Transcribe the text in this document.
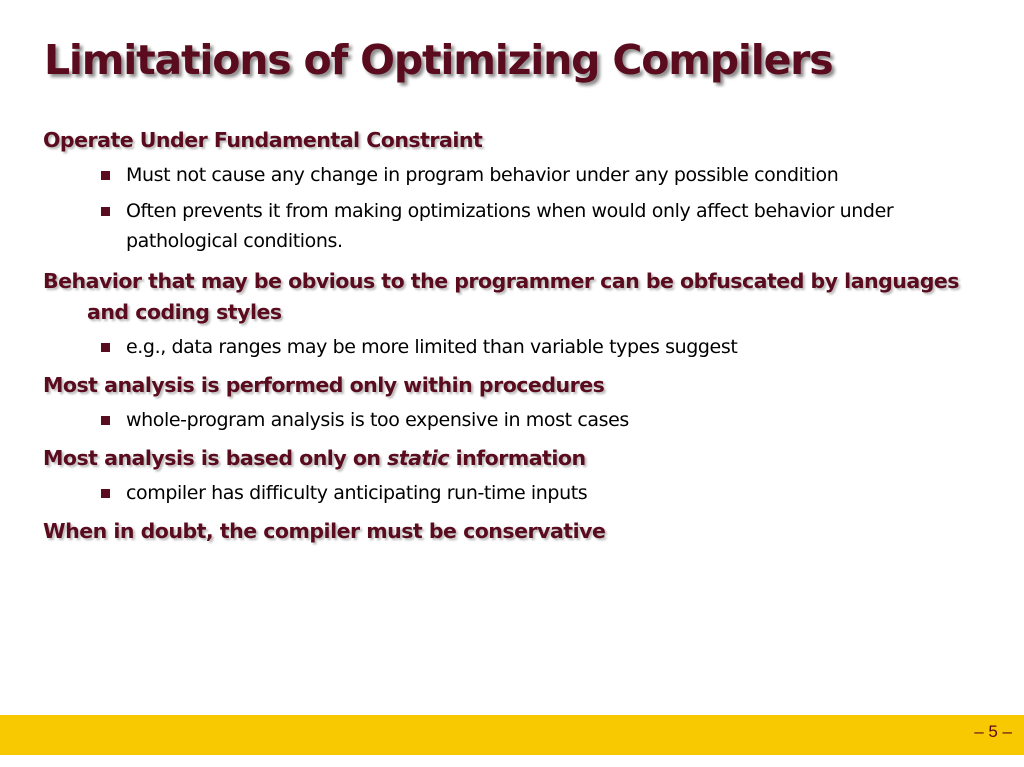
Limitations of Optimizing Compilers
Operate Under Fundamental Constraint
Must not cause any change in program behavior under any possible condition
Often prevents it from making optimizations when would only affect behavior under pathological conditions.
Behavior that may be obvious to the programmer can be obfuscated by languages and coding styles
e.g., data ranges may be more limited than variable types suggest
Most analysis is performed only within procedures
whole-program analysis is too expensive in most cases
Most analysis is based only on static information
compiler has difficulty anticipating run-time inputs
When in doubt, the compiler must be conservative
– 5 –
